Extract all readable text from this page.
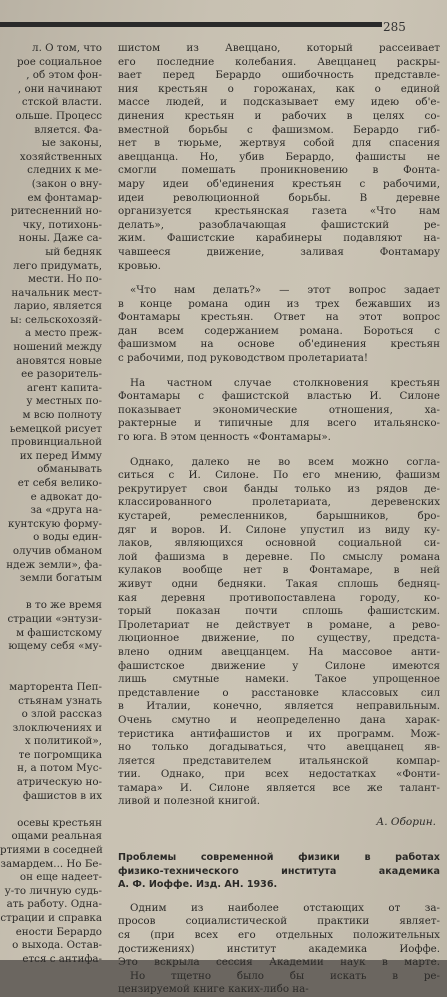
285
л. О том, что
рое социальное
, об этом фон-
, они начинают
стской власти.
ольше. Процесс
вляется. Фа-
ые законы,
хозяйственных
следних к ме-
(закон о вну-
ем фонтамар-
ритесненний но-
чку, потихонь-
ноны. Даже са-
ый бедняк
лего придумать,
мести. Но по-
начальник мест-
ларио, является
ы: сельскохозяй-
а место преж-
ношений между
ановятся новые
ее разоритель-
агент капита-
у местных по-
м всю полноту
ьемецкой рисует
провинциальной
их перед Имму
обманывать
ет себя велико-
е адвокат до-
за «друга на-
кунтскую форму-
о воды един-
олучив обманом
ндеж земли», фа-
земли богатым
в то же время
страции «энтузи-
м фашистскому
ющему себя «му-
марторента Пеп-
стьянам узнать
о злой рассказ
злоключениях и
х политикой»,
те погромщика
н, а потом Мус-
атрическую но-
фашистов в их
осевы крестьян
ощами реальная
ртиями в соседней
замардем... Но Бе-
он еще надеет-
у-то личную судь-
ать работу. Одна-
страции и справка
ености Берардо
о выхода. Остав-
ется с антифа-
шистом из Авеццано, который рассеивает
его последние колебания. Авеццанец раскры-
вает перед Берардо ошибочность представле-
ния крестьян о горожанах, как о единой
массе людей, и подсказывает ему идею об'е-
динения крестьян и рабочих в целях со-
вместной борьбы с фашизмом. Берардо гиб-
нет в тюрьме, жертвуя собой для спасения
авеццанца. Но, убив Берардо, фашисты не
смогли помешать проникновению в Фонта-
мару идеи об'единения крестьян с рабочими,
идеи революционной борьбы. В деревне
организуется крестьянская газета «Что нам
делать», разоблачающая фашистский ре-
жим. Фашистские карабинеры подавляют на-
чавшееся движение, заливая Фонтамару
кровью.
«Что нам делать?» — этот вопрос задает
в конце романа один из трех бежавших из
Фонтамары крестьян. Ответ на этот вопрос
дан всем содержанием романа. Бороться с
фашизмом на основе об'единения крестьян
с рабочими, под руководством пролетариата!
На частном случае столкновения крестьян
Фонтамары с фашистской властью И. Силоне
показывает экономические отношения, ха-
рактерные и типичные для всего итальянско-
го юга. В этом ценность «Фонтамары».
Однако, далеко не во всем можно согла-
ситься с И. Силоне. По его мнению, фашизм
рекрутирует свои банды только из рядов де-
классированного пролетариата, деревенских
кустарей, ремесленников, барышников, бро-
дяг и воров. И. Силоне упустил из виду ку-
лаков, являющихся основной социальной си-
лой фашизма в деревне. По смыслу романа
кулаков вообще нет в Фонтамаре, в ней
живут одни бедняки. Такая сплошь бедняц-
кая деревня противопоставлена городу, ко-
торый показан почти сплошь фашистским.
Пролетариат не действует в романе, а рево-
люционное движение, по существу, предста-
влено одним авеццанцем. На массовое анти-
фашистское движение у Силоне имеются
лишь смутные намеки. Такое упрощенное
представление о расстановке классовых сил
в Италии, конечно, является неправильным.
Очень смутно и неопределенно дана харак-
теристика антифашистов и их программ. Мож-
но только догадываться, что авеццанец яв-
ляется представителем итальянской компар-
тии. Однако, при всех недостатках «Фонти-
тамара» И. Силоне является все же талант-
ливой и полезной книгой.
А. Оборин.
Проблемы современной физики в работах
физико-технического института академика
А. Ф. Иоффе. Изд. АН. 1936.
Одним из наиболее отстающих от за-
просов социалистической практики являет-
ся (при всех его отдельных положительных
достижениях) институт академика Иоффе.
Это вскрыла сессия Академии наук в марте.
Но тщетно было бы искать в ре-
цензируемой книге каких-либо на-
